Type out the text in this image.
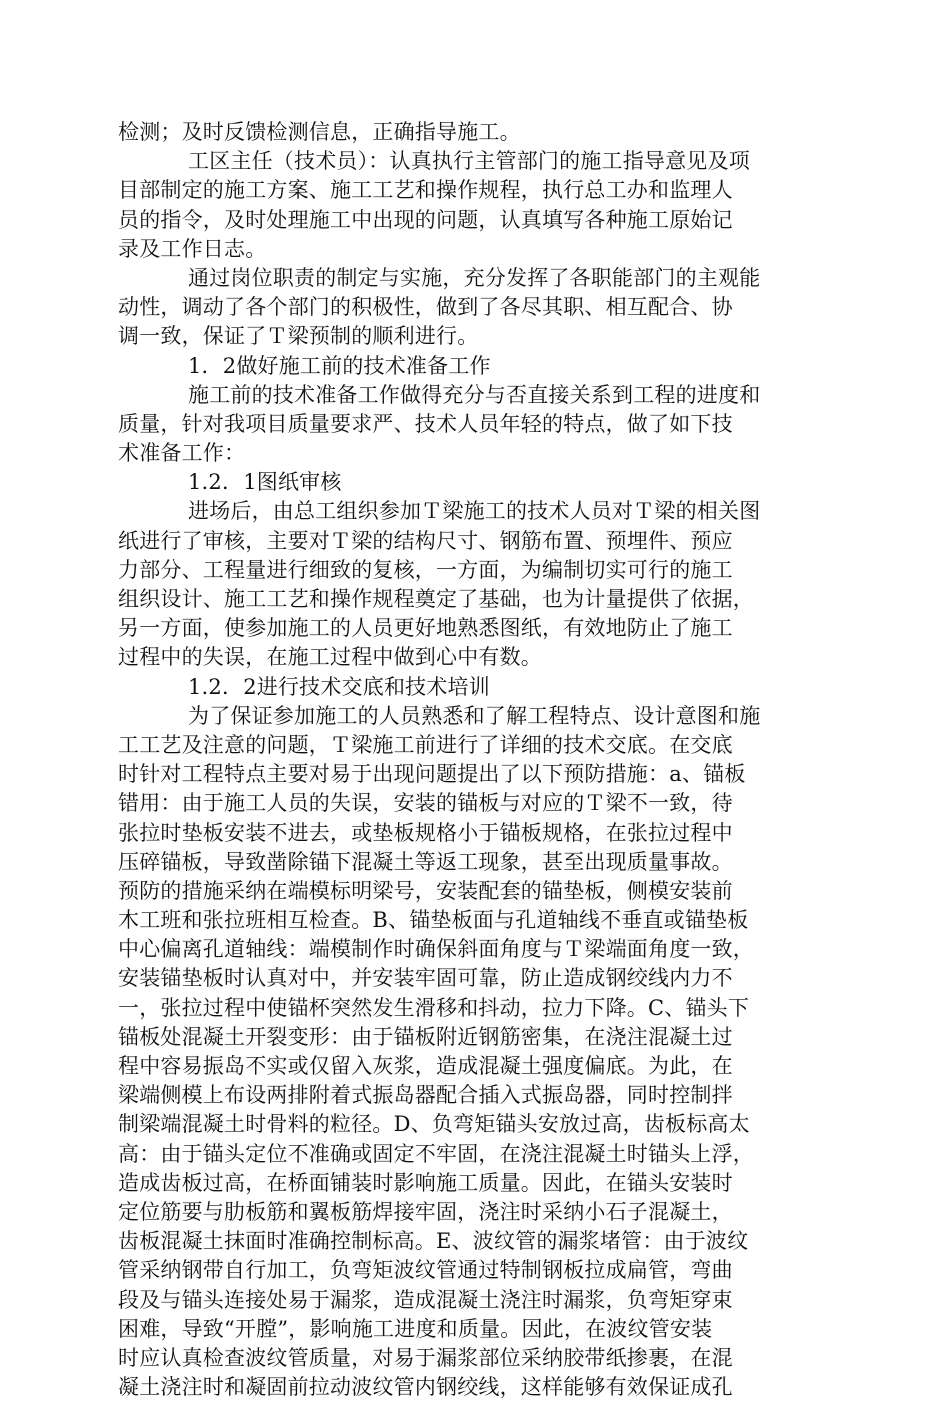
检测；及时反馈检测信息，正确指导施工。
工区主任（技术员）：认真执行主管部门的施工指导意见及项
目部制定的施工方案、施工工艺和操作规程，执行总工办和监理人
员的指令，及时处理施工中出现的问题，认真填写各种施工原始记
录及工作日志。
通过岗位职责的制定与实施，充分发挥了各职能部门的主观能
动性，调动了各个部门的积极性，做到了各尽其职、相互配合、协
调一致，保证了Ｔ梁预制的顺利进行。
1．2做好施工前的技术准备工作
施工前的技术准备工作做得充分与否直接关系到工程的进度和
质量，针对我项目质量要求严、技术人员年轻的特点，做了如下技
术准备工作：
1.2．1图纸审核
进场后，由总工组织参加Ｔ梁施工的技术人员对Ｔ梁的相关图
纸进行了审核，主要对Ｔ梁的结构尺寸、钢筋布置、预埋件、预应
力部分、工程量进行细致的复核，一方面，为编制切实可行的施工
组织设计、施工工艺和操作规程奠定了基础，也为计量提供了依据，
另一方面，使参加施工的人员更好地熟悉图纸，有效地防止了施工
过程中的失误，在施工过程中做到心中有数。
1.2．2进行技术交底和技术培训
为了保证参加施工的人员熟悉和了解工程特点、设计意图和施
工工艺及注意的问题，Ｔ梁施工前进行了详细的技术交底。在交底
时针对工程特点主要对易于出现问题提出了以下预防措施：a、锚板
错用：由于施工人员的失误，安装的锚板与对应的Ｔ梁不一致，待
张拉时垫板安装不进去，或垫板规格小于锚板规格，在张拉过程中
压碎锚板，导致凿除锚下混凝土等返工现象，甚至出现质量事故。
预防的措施采纳在端模标明梁号，安装配套的锚垫板，侧模安装前
木工班和张拉班相互检查。B、锚垫板面与孔道轴线不垂直或锚垫板
中心偏离孔道轴线：端模制作时确保斜面角度与Ｔ梁端面角度一致，
安装锚垫板时认真对中，并安装牢固可靠，防止造成钢绞线内力不
一，张拉过程中使锚杯突然发生滑移和抖动，拉力下降。C、锚头下
锚板处混凝土开裂变形：由于锚板附近钢筋密集，在浇注混凝土过
程中容易振岛不实或仅留入灰浆，造成混凝土强度偏底。为此，在
梁端侧模上布设两排附着式振岛器配合插入式振岛器，同时控制拌
制梁端混凝土时骨料的粒径。D、负弯矩锚头安放过高，齿板标高太
高：由于锚头定位不准确或固定不牢固，在浇注混凝土时锚头上浮，
造成齿板过高，在桥面铺装时影响施工质量。因此，在锚头安装时
定位筋要与肋板筋和翼板筋焊接牢固，浇注时采纳小石子混凝土，
齿板混凝土抹面时准确控制标高。E、波纹管的漏浆堵管：由于波纹
管采纳钢带自行加工，负弯矩波纹管通过特制钢板拉成扁管，弯曲
段及与锚头连接处易于漏浆，造成混凝土浇注时漏浆，负弯矩穿束
困难，导致“开膛”，影响施工进度和质量。因此，在波纹管安装
时应认真检查波纹管质量，对易于漏浆部位采纳胶带纸掺裹，在混
凝土浇注时和凝固前拉动波纹管内钢绞线，这样能够有效保证成孔
